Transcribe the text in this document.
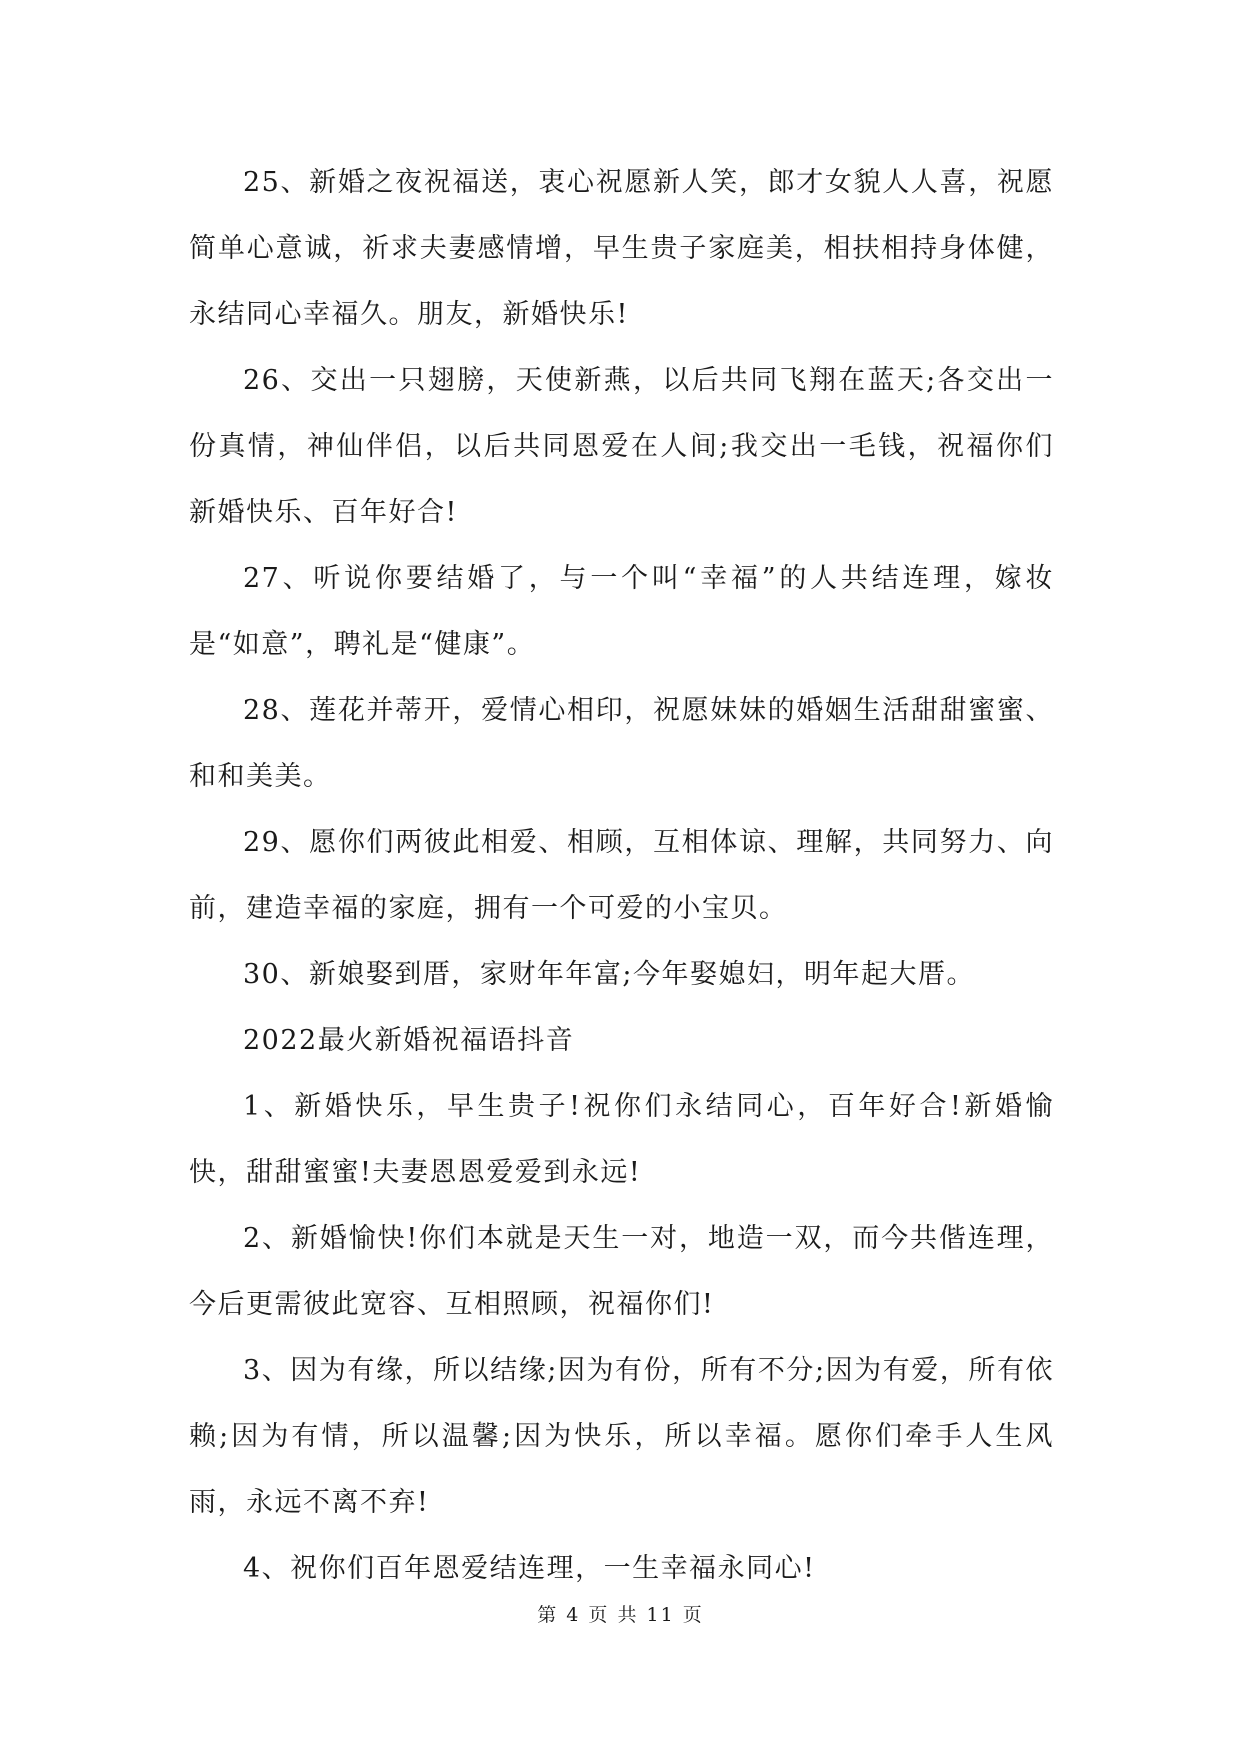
25、新婚之夜祝福送，衷心祝愿新人笑，郎才女貌人人喜，祝愿简单心意诚，祈求夫妻感情增，早生贵子家庭美，相扶相持身体健，永结同心幸福久。朋友，新婚快乐!

26、交出一只翅膀，天使新燕，以后共同飞翔在蓝天;各交出一份真情，神仙伴侣，以后共同恩爱在人间;我交出一毛钱，祝福你们新婚快乐、百年好合!

27、听说你要结婚了，与一个叫“幸福”的人共结连理，嫁妆是“如意”，聘礼是“健康”。

28、莲花并蒂开，爱情心相印，祝愿妹妹的婚姻生活甜甜蜜蜜、和和美美。

29、愿你们两彼此相爱、相顾，互相体谅、理解，共同努力、向前，建造幸福的家庭，拥有一个可爱的小宝贝。

30、新娘娶到厝，家财年年富;今年娶媳妇，明年起大厝。

2022最火新婚祝福语抖音

1、新婚快乐，早生贵子!祝你们永结同心，百年好合!新婚愉快，甜甜蜜蜜!夫妻恩恩爱爱到永远!

2、新婚愉快!你们本就是天生一对，地造一双，而今共偕连理，今后更需彼此宽容、互相照顾，祝福你们!

3、因为有缘，所以结缘;因为有份，所有不分;因为有爱，所有依赖;因为有情，所以温馨;因为快乐，所以幸福。愿你们牵手人生风雨，永远不离不弃!

4、祝你们百年恩爱结连理，一生幸福永同心!

第 4 页 共 11 页
